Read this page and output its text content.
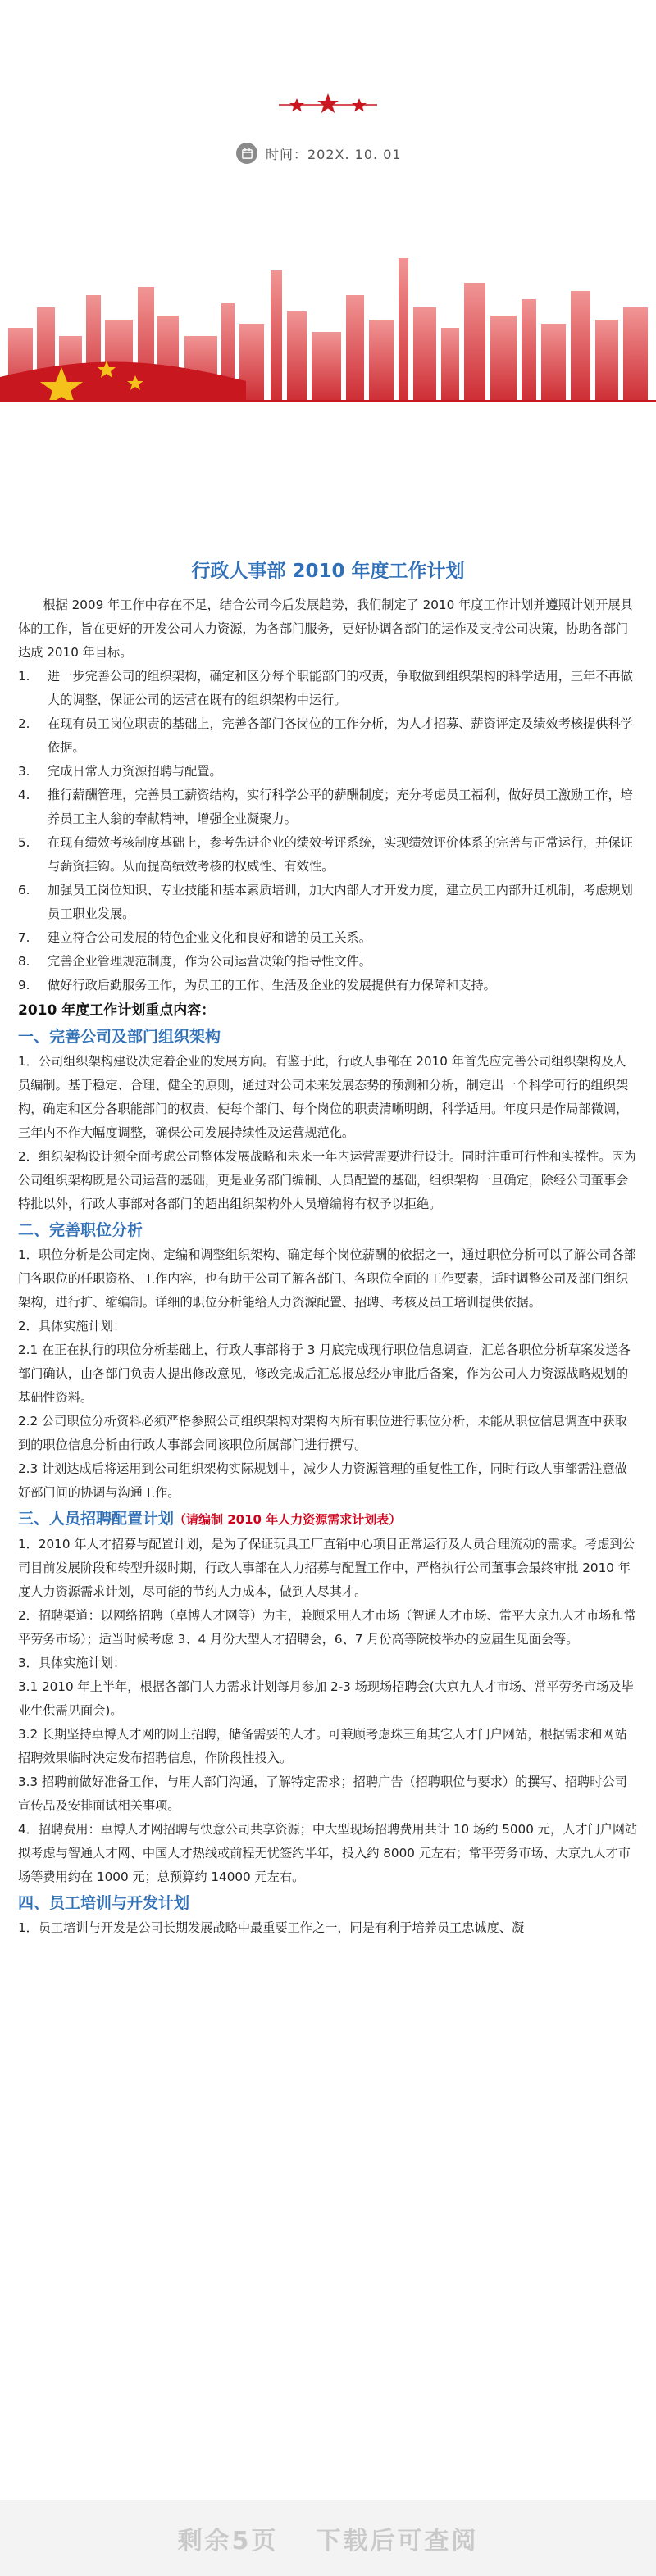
时间：202X. 10. 01
行政人事部 2010 年度工作计划

根据 2009 年工作中存在不足，结合公司今后发展趋势，我们制定了 2010 年度工作计划并遵照计划开展具体的工作，旨在更好的开发公司人力资源，为各部门服务，更好协调各部门的运作及支持公司决策，协助各部门达成 2010 年目标。

1.	进一步完善公司的组织架构，确定和区分每个职能部门的权责，争取做到组织架构的科学适用，三年不再做大的调整，保证公司的运营在既有的组织架构中运行。
2.	在现有员工岗位职责的基础上，完善各部门各岗位的工作分析，为人才招募、薪资评定及绩效考核提供科学依据。
3.	完成日常人力资源招聘与配置。
4.	推行薪酬管理，完善员工薪资结构，实行科学公平的薪酬制度；充分考虑员工福利，做好员工激励工作，培养员工主人翁的奉献精神，增强企业凝聚力。
5.	在现有绩效考核制度基础上，参考先进企业的绩效考评系统，实现绩效评价体系的完善与正常运行，并保证与薪资挂钩。从而提高绩效考核的权威性、有效性。
6.	加强员工岗位知识、专业技能和基本素质培训，加大内部人才开发力度，建立员工内部升迁机制，考虑规划员工职业发展。
7.	建立符合公司发展的特色企业文化和良好和谐的员工关系。
8.	完善企业管理规范制度，作为公司运营决策的指导性文件。
9.	做好行政后勤服务工作，为员工的工作、生活及企业的发展提供有力保障和支持。
2010 年度工作计划重点内容：
一、完善公司及部门组织架构

1．公司组织架构建设决定着企业的发展方向。有鉴于此，行政人事部在 2010 年首先应完善公司组织架构及人员编制。基于稳定、合理、健全的原则，通过对公司未来发展态势的预测和分析，制定出一个科学可行的组织架构，确定和区分各职能部门的权责，使每个部门、每个岗位的职责清晰明朗，科学适用。年度只是作局部微调，三年内不作大幅度调整，确保公司发展持续性及运营规范化。

2．组织架构设计须全面考虑公司整体发展战略和未来一年内运营需要进行设计。同时注重可行性和实操性。因为公司组织架构既是公司运营的基础，更是业务部门编制、人员配置的基础，组织架构一旦确定，除经公司董事会特批以外，行政人事部对各部门的超出组织架构外人员增编将有权予以拒绝。

二、完善职位分析

1．职位分析是公司定岗、定编和调整组织架构、确定每个岗位薪酬的依据之一，通过职位分析可以了解公司各部门各职位的任职资格、工作内容，也有助于公司了解各部门、各职位全面的工作要素，适时调整公司及部门组织架构，进行扩、缩编制。详细的职位分析能给人力资源配置、招聘、考核及员工培训提供依据。

2．具体实施计划：

2.1 在正在执行的职位分析基础上，行政人事部将于 3 月底完成现行职位信息调查，汇总各职位分析草案发送各部门确认，由各部门负责人提出修改意见，修改完成后汇总报总经办审批后备案，作为公司人力资源战略规划的基础性资料。

2.2 公司职位分析资料必须严格参照公司组织架构对架构内所有职位进行职位分析，未能从职位信息调查中获取到的职位信息分析由行政人事部会同该职位所属部门进行撰写。

2.3 计划达成后将运用到公司组织架构实际规划中，减少人力资源管理的重复性工作，同时行政人事部需注意做好部门间的协调与沟通工作。

三、人员招聘配置计划（请编制 2010 年人力资源需求计划表）

1．2010 年人才招募与配置计划，是为了保证玩具工厂直销中心项目正常运行及人员合理流动的需求。考虑到公司目前发展阶段和转型升级时期，行政人事部在人力招募与配置工作中，严格执行公司董事会最终审批 2010 年度人力资源需求计划，尽可能的节约人力成本，做到人尽其才。

2．招聘渠道：以网络招聘（卓博人才网等）为主，兼顾采用人才市场（智通人才市场、常平大京九人才市场和常平劳务市场）；适当时候考虑 3、4 月份大型人才招聘会，6、7 月份高等院校举办的应届生见面会等。

3．具体实施计划：

3.1 2010 年上半年，根据各部门人力需求计划每月参加 2-3 场现场招聘会(大京九人才市场、常平劳务市场及毕业生供需见面会)。

3.2 长期坚持卓博人才网的网上招聘，储备需要的人才。可兼顾考虑珠三角其它人才门户网站，根据需求和网站招聘效果临时决定发布招聘信息，作阶段性投入。

3.3 招聘前做好准备工作，与用人部门沟通，了解特定需求；招聘广告（招聘职位与要求）的撰写、招聘时公司宣传品及安排面试相关事项。

4．招聘费用：卓博人才网招聘与快意公司共享资源；中大型现场招聘费用共计 10 场约 5000 元，人才门户网站拟考虑与智通人才网、中国人才热线或前程无忧签约半年，投入约 8000 元左右；常平劳务市场、大京九人才市场等费用约在 1000 元；总预算约 14000 元左右。

四、员工培训与开发计划

1．员工培训与开发是公司长期发展战略中最重要工作之一，同是有利于培养员工忠诚度、凝

剩余5页 下载后可查阅
